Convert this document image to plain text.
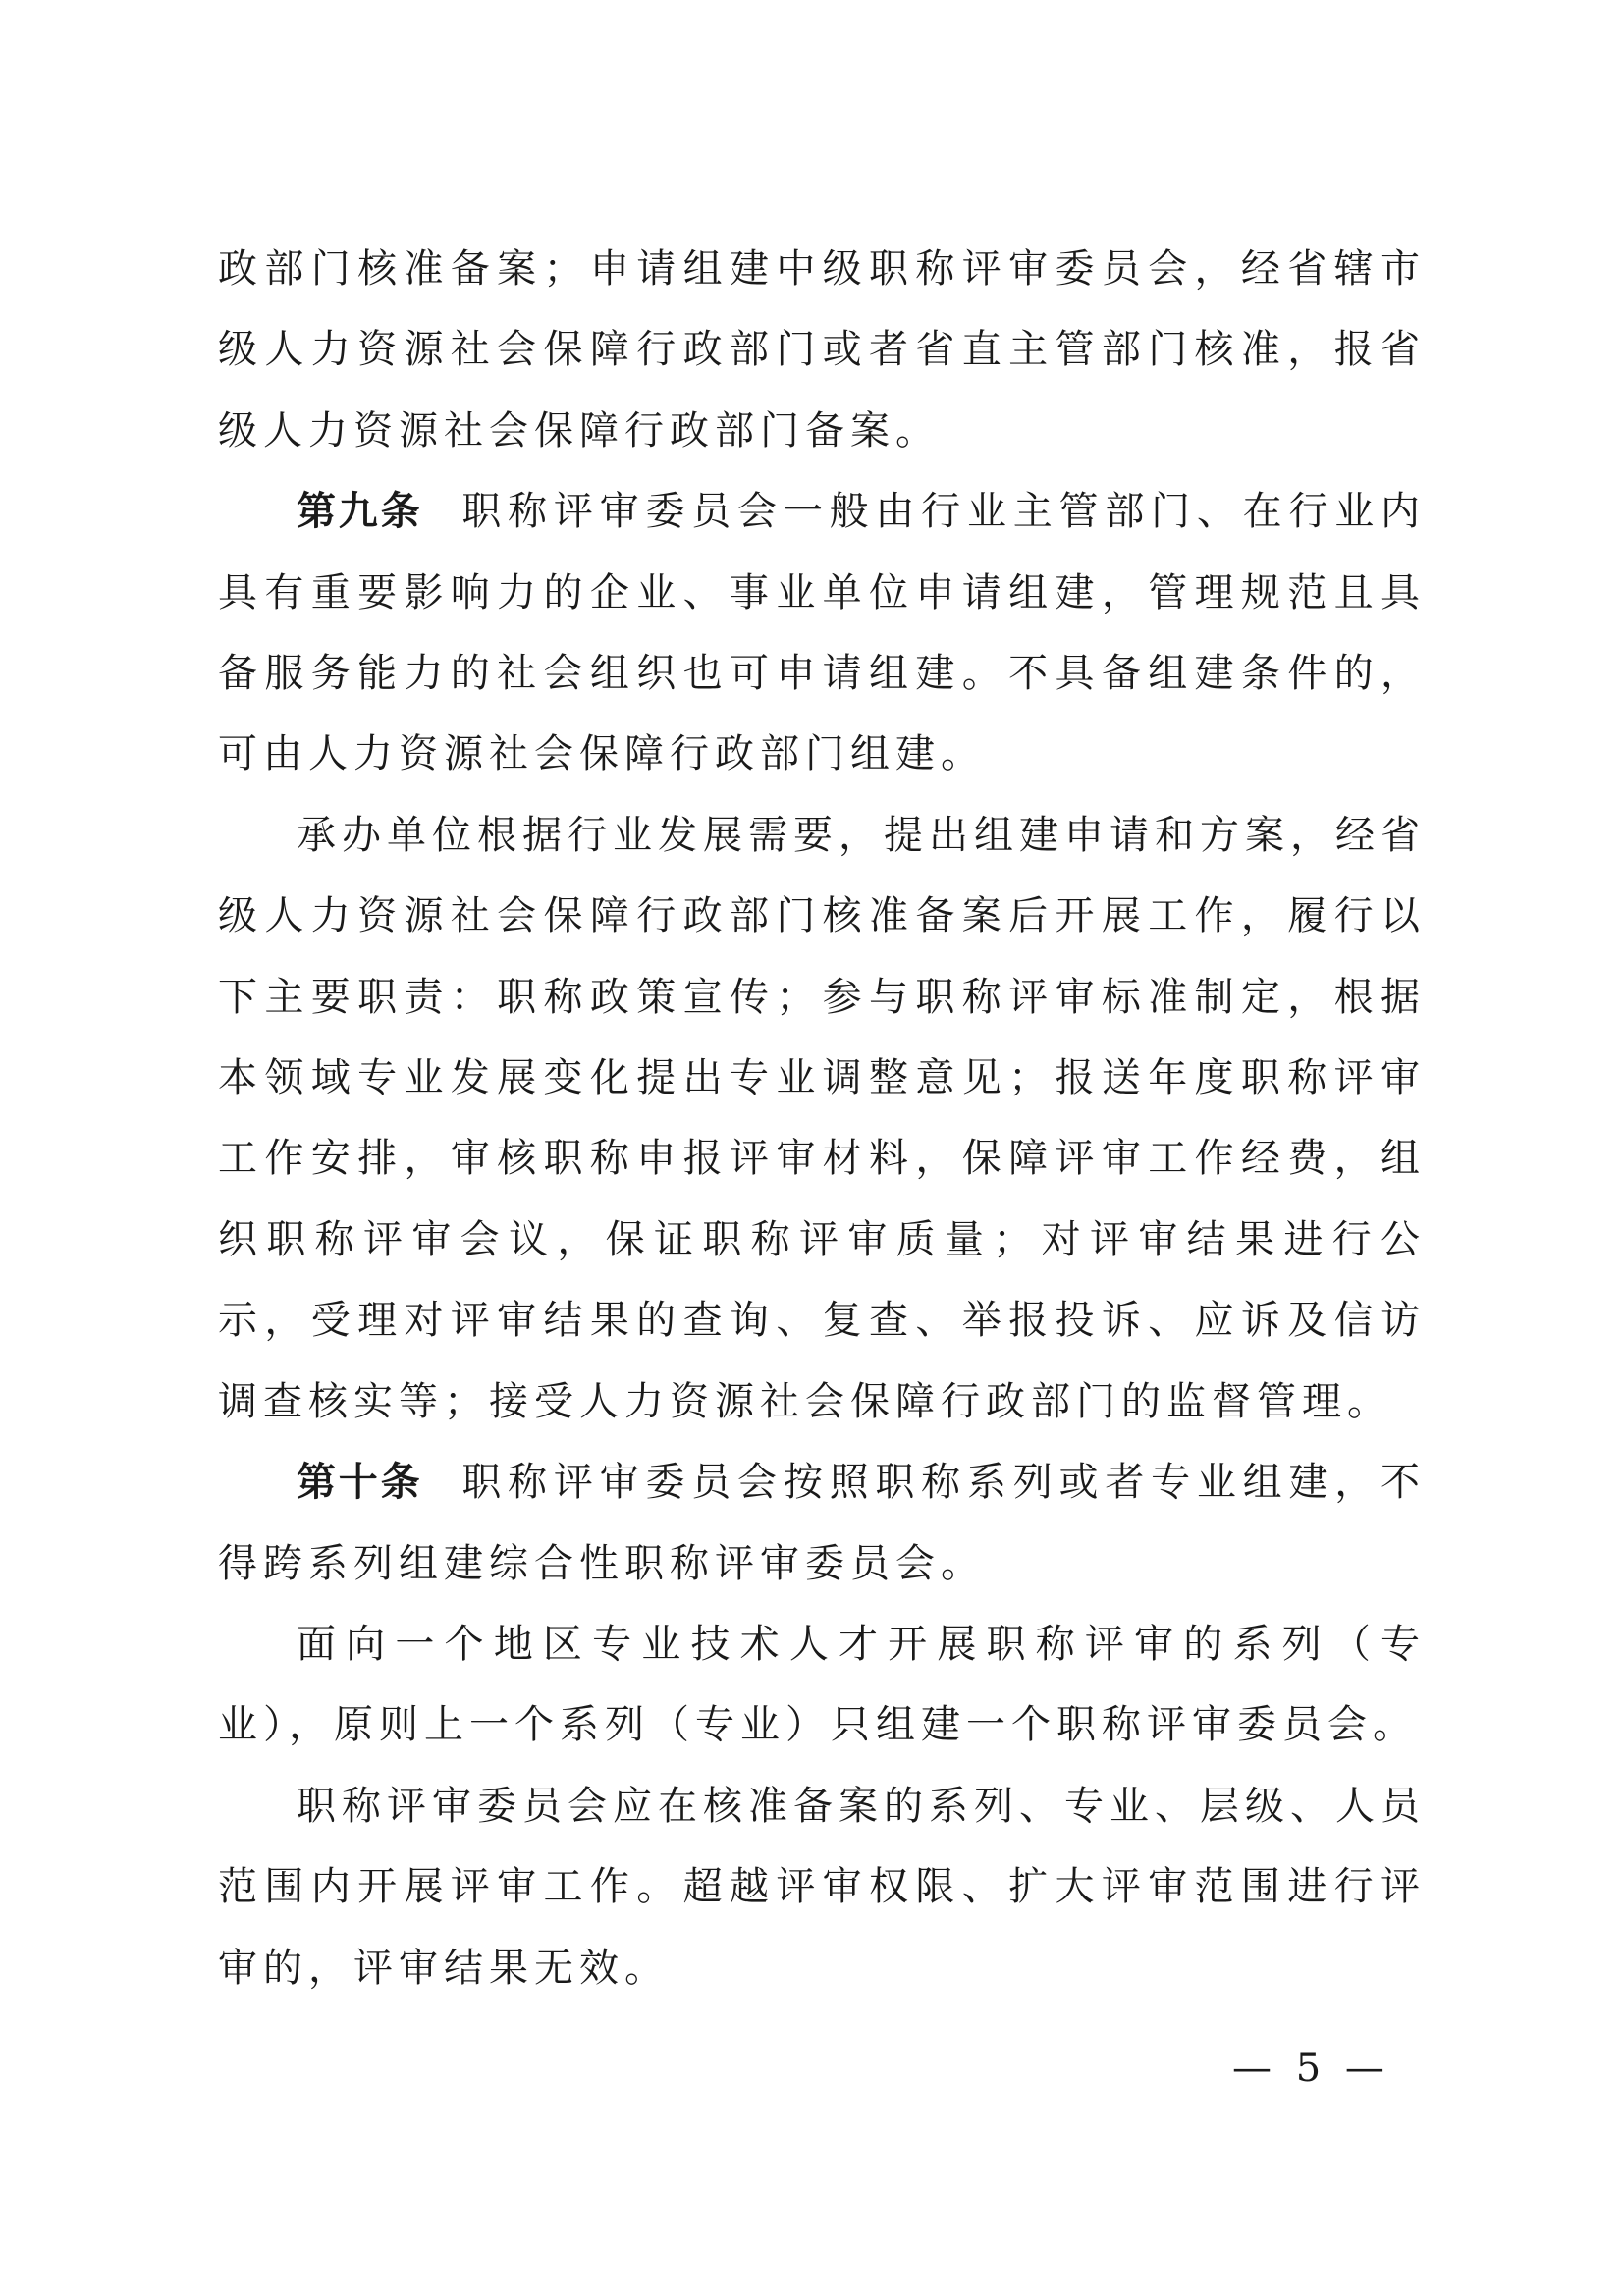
政部门核准备案；申请组建中级职称评审委员会，经省辖市级人力资源社会保障行政部门或者省直主管部门核准，报省级人力资源社会保障行政部门备案。

第九条 职称评审委员会一般由行业主管部门、在行业内具有重要影响力的企业、事业单位申请组建，管理规范且具备服务能力的社会组织也可申请组建。不具备组建条件的，可由人力资源社会保障行政部门组建。

承办单位根据行业发展需要，提出组建申请和方案，经省级人力资源社会保障行政部门核准备案后开展工作，履行以下主要职责：职称政策宣传；参与职称评审标准制定，根据本领域专业发展变化提出专业调整意见；报送年度职称评审工作安排，审核职称申报评审材料，保障评审工作经费，组织职称评审会议，保证职称评审质量；对评审结果进行公示，受理对评审结果的查询、复查、举报投诉、应诉及信访调查核实等；接受人力资源社会保障行政部门的监督管理。

第十条 职称评审委员会按照职称系列或者专业组建，不得跨系列组建综合性职称评审委员会。

面向一个地区专业技术人才开展职称评审的系列（专业），原则上一个系列（专业）只组建一个职称评审委员会。

职称评审委员会应在核准备案的系列、专业、层级、人员范围内开展评审工作。超越评审权限、扩大评审范围进行评审的，评审结果无效。

— 5 —
